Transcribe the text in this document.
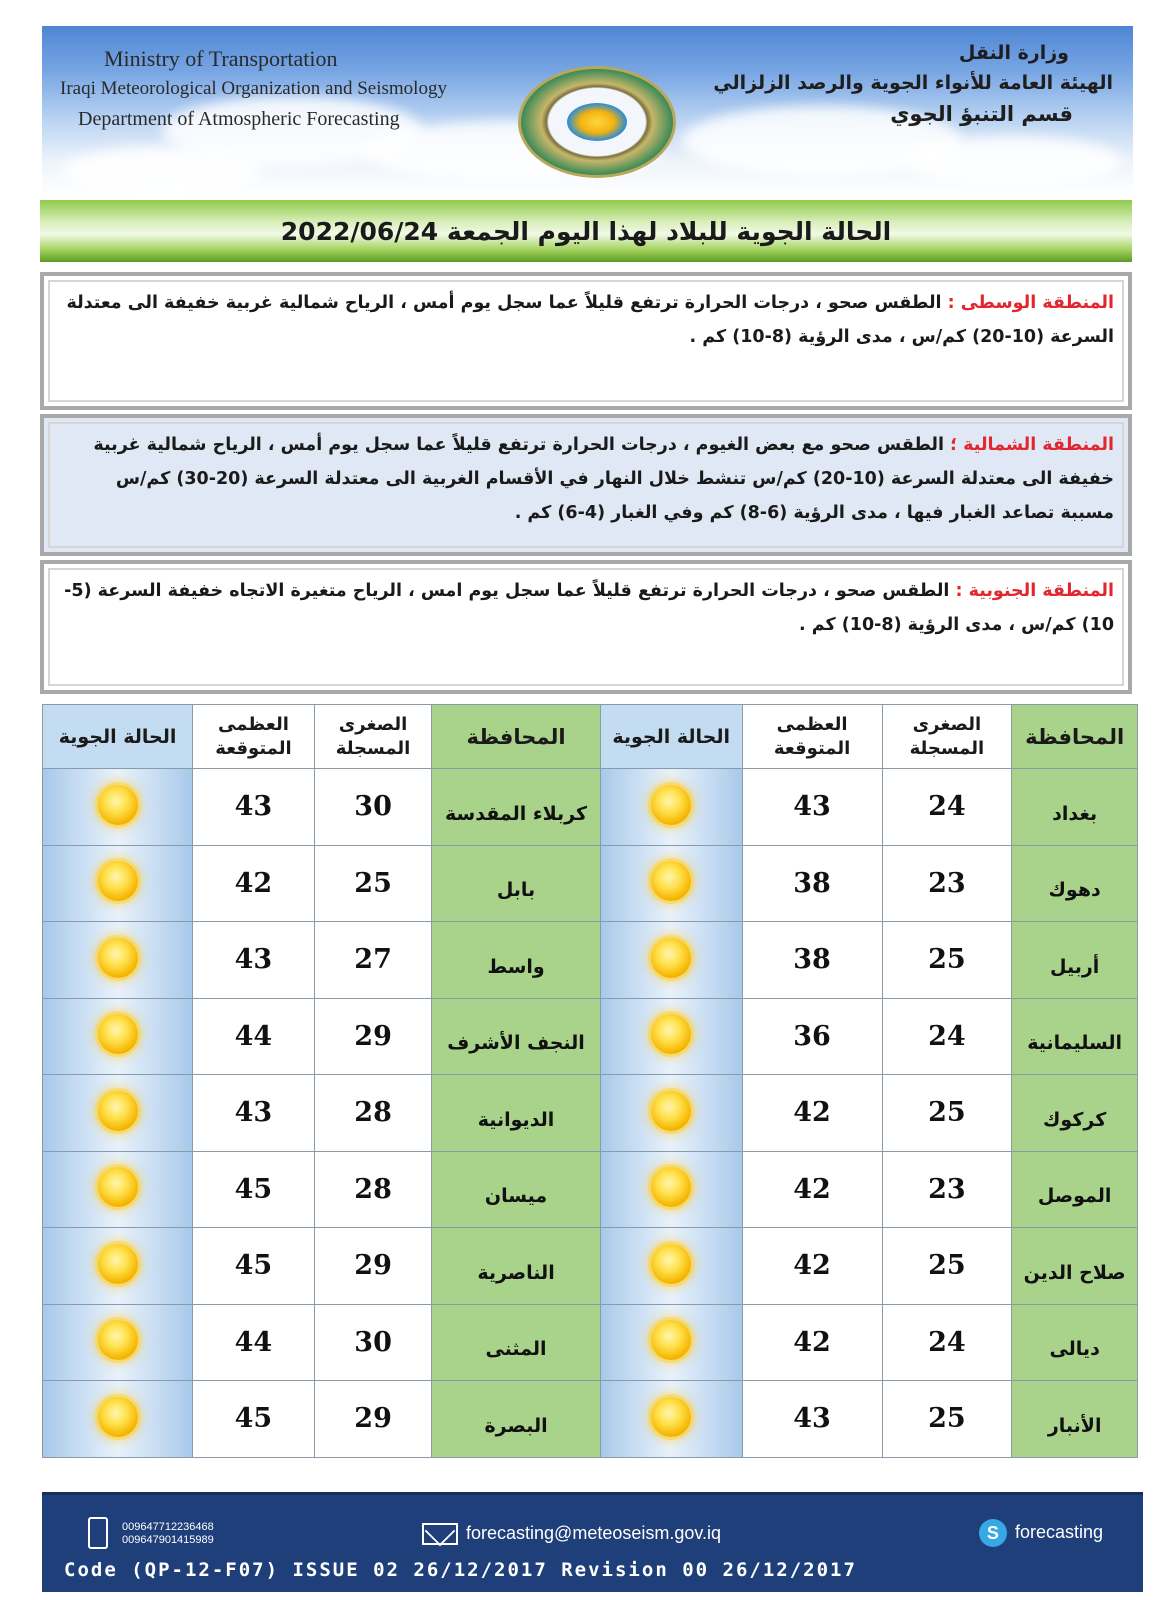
Ministry of Transportation
Iraqi Meteorological Organization and Seismology
Department of Atmospheric Forecasting
وزارة النقل
الهيئة العامة للأنواء الجوية والرصد الزلزالي
قسم التنبؤ الجوي
الحالة الجوية للبلاد لهذا اليوم الجمعة 2022/06/24

المنطقة الوسطى : الطقس صحو ، درجات الحرارة ترتفع قليلاً عما سجل يوم أمس ، الرياح شمالية غربية خفيفة الى معتدلة السرعة (10-20) كم/س ، مدى الرؤية (8-10) كم .

المنطقة الشمالية ؛ الطقس صحو مع بعض الغيوم ، درجات الحرارة ترتفع قليلاً عما سجل يوم أمس ، الرياح شمالية غربية خفيفة الى معتدلة السرعة (10-20) كم/س تنشط خلال النهار في الأقسام الغربية الى معتدلة السرعة (20-30) كم/س مسببة تصاعد الغبار فيها ، مدى الرؤية (6-8) كم وفي الغبار (4-6) كم .

المنطقة الجنوبية : الطقس صحو ، درجات الحرارة ترتفع قليلاً عما سجل يوم امس ، الرياح متغيرة الاتجاه خفيفة السرعة (5-10) كم/س ، مدى الرؤية (8-10) كم .

المحافظة	الصغرى المسجلة	العظمى المتوقعة	الحالة الجوية	المحافظة	الصغرى المسجلة	العظمى المتوقعة	الحالة الجوية
بغداد	24	43		كربلاء المقدسة	30	43	
دهوك	23	38		بابل	25	42	
أربيل	25	38		واسط	27	43	
السليمانية	24	36		النجف الأشرف	29	44	
كركوك	25	42		الديوانية	28	43	
الموصل	23	42		ميسان	28	45	
صلاح الدين	25	42		الناصرية	29	45	
ديالى	24	42		المثنى	30	44	
الأنبار	25	43		البصرة	29	45	
009647712236468
009647901415989	forecasting@meteoseism.gov.iq	S forecasting
Code (QP-12-F07) ISSUE 02 26/12/2017 Revision 00 26/12/2017
